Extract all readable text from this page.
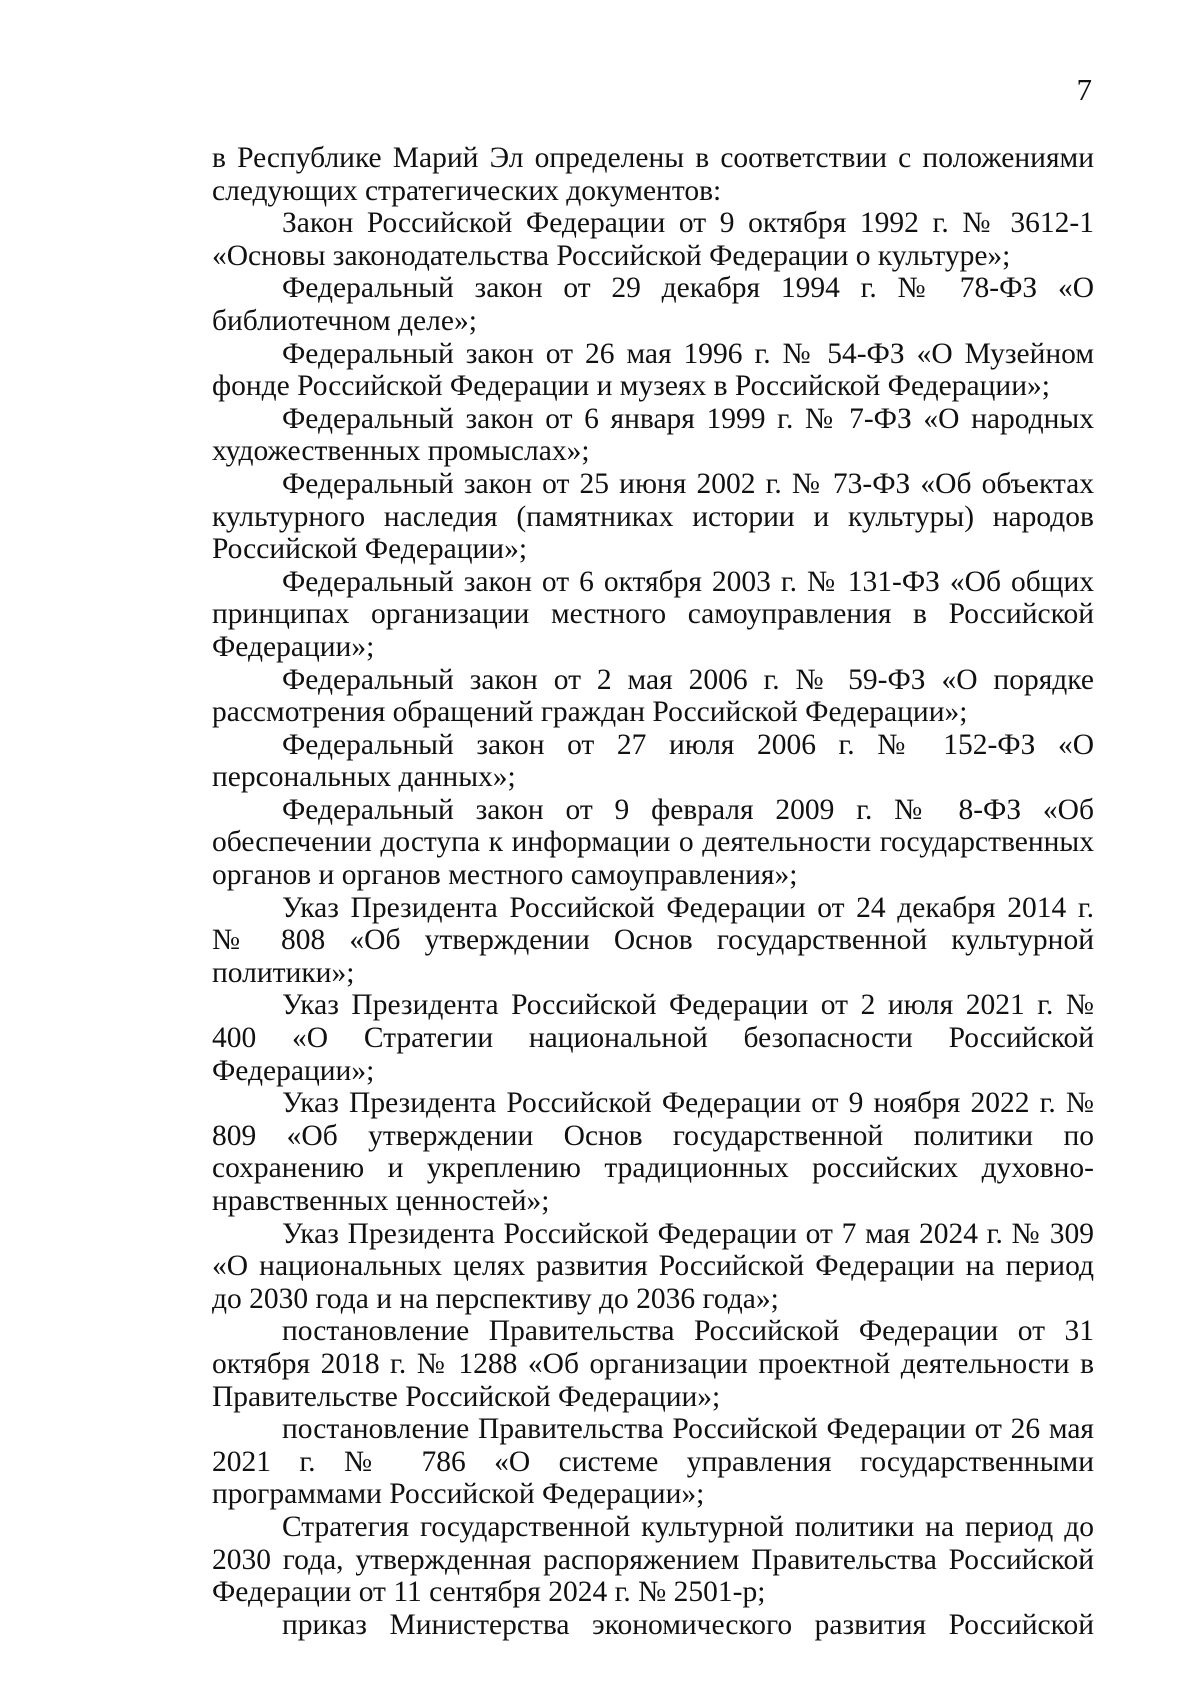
7

в Республике Марий Эл определены в соответствии с положениями следующих стратегических документов:

Закон Российской Федерации от 9 октября 1992 г. № 3612-1 «Основы законодательства Российской Федерации о культуре»;

Федеральный закон от 29 декабря 1994 г. № 78-ФЗ «О библиотечном деле»;

Федеральный закон от 26 мая 1996 г. № 54-ФЗ «О Музейном фонде Российской Федерации и музеях в Российской Федерации»;

Федеральный закон от 6 января 1999 г. № 7-ФЗ «О народных художественных промыслах»;

Федеральный закон от 25 июня 2002 г. № 73-ФЗ «Об объектах культурного наследия (памятниках истории и культуры) народов Российской Федерации»;

Федеральный закон от 6 октября 2003 г. № 131-ФЗ «Об общих принципах организации местного самоуправления в Российской Федерации»;

Федеральный закон от 2 мая 2006 г. № 59-ФЗ «О порядке рассмотрения обращений граждан Российской Федерации»;

Федеральный закон от 27 июля 2006 г. № 152-ФЗ «О персональных данных»;

Федеральный закон от 9 февраля 2009 г. № 8-ФЗ «Об обеспечении доступа к информации о деятельности государственных органов и органов местного самоуправления»;

Указ Президента Российской Федерации от 24 декабря 2014 г. № 808 «Об утверждении Основ государственной культурной политики»;

Указ Президента Российской Федерации от 2 июля 2021 г. № 400 «О Стратегии национальной безопасности Российской Федерации»;

Указ Президента Российской Федерации от 9 ноября 2022 г. № 809 «Об утверждении Основ государственной политики по сохранению и укреплению традиционных российских духовно-нравственных ценностей»;

Указ Президента Российской Федерации от 7 мая 2024 г. № 309 «О национальных целях развития Российской Федерации на период до 2030 года и на перспективу до 2036 года»;

постановление Правительства Российской Федерации от 31 октября 2018 г. № 1288 «Об организации проектной деятельности в Правительстве Российской Федерации»;

постановление Правительства Российской Федерации от 26 мая 2021 г. № 786 «О системе управления государственными программами Российской Федерации»;

Стратегия государственной культурной политики на период до 2030 года, утвержденная распоряжением Правительства Российской Федерации от 11 сентября 2024 г. № 2501-р;

приказ Министерства экономического развития Российской
